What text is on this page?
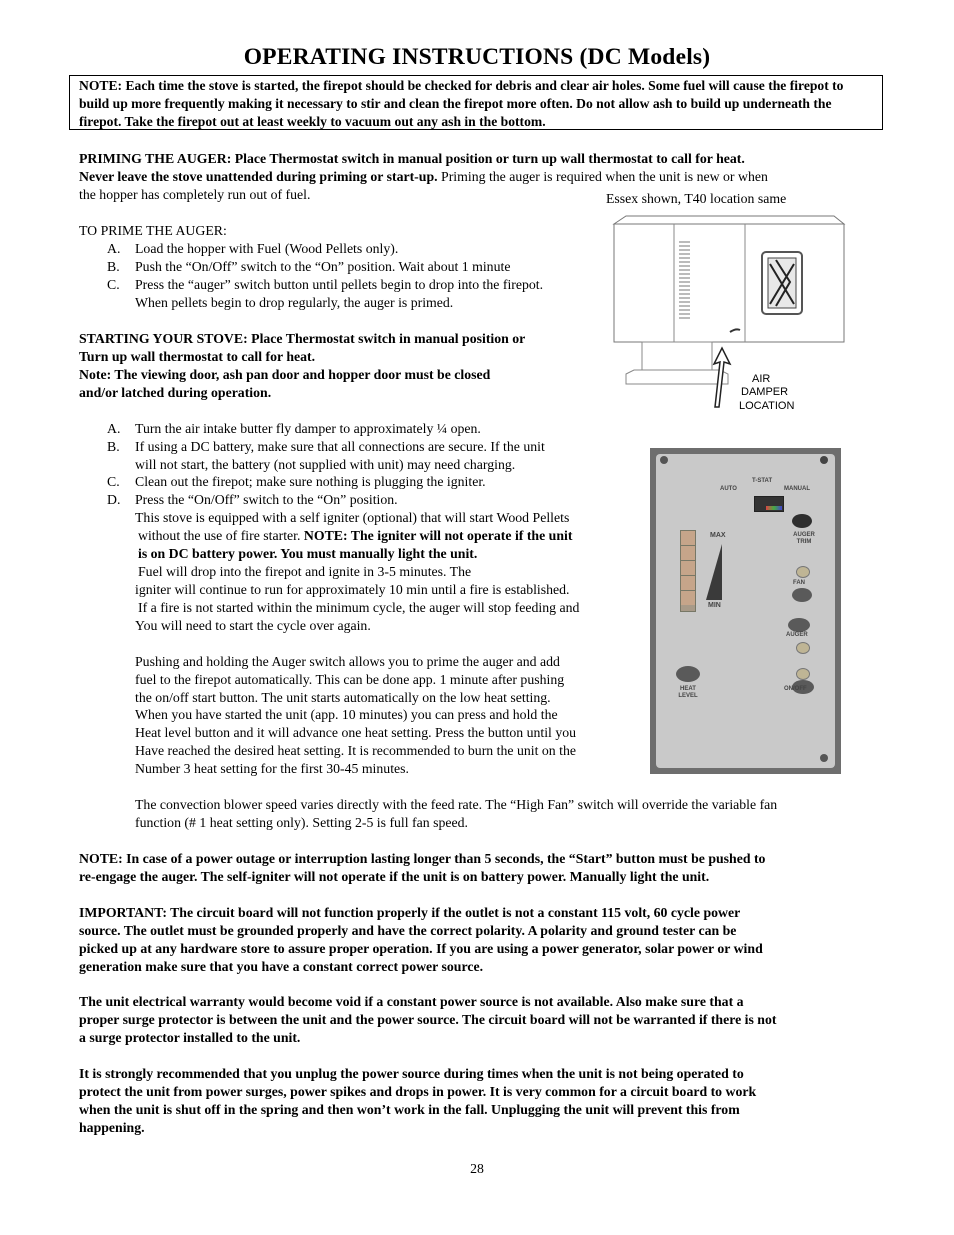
OPERATING INSTRUCTIONS (DC Models)
NOTE: Each time the stove is started, the firepot should be checked for debris and clear air holes. Some fuel will cause the firepot to build up more frequently making it necessary to stir and clean the firepot more often. Do not allow ash to build up underneath the firepot. Take the firepot out at least weekly to vacuum out any ash in the bottom.
PRIMING THE AUGER: Place Thermostat switch in manual position or turn up wall thermostat to call for heat.
Never leave the stove unattended during priming or start-up. Priming the auger is required when the unit is new or when
the hopper has completely run out of fuel.	Essex shown, T40 location same
AIR
DAMPER
LOCATION
TO PRIME THE AUGER:
A.	Load the hopper with Fuel (Wood Pellets only).
B.	Push the “On/Off” switch to the “On” position. Wait about 1 minute
C.	Press the “auger” switch button until pellets begin to drop into the firepot.
When pellets begin to drop regularly, the auger is primed.
STARTING YOUR STOVE: Place Thermostat switch in manual position or
Turn up wall thermostat to call for heat.
Note: The viewing door, ash pan door and hopper door must be closed
and/or latched during operation.
A.	Turn the air intake butter fly damper to approximately ¼ open.
B.	If using a DC battery, make sure that all connections are secure. If the unit
will not start, the battery (not supplied with unit) may need charging.
C.	Clean out the firepot; make sure nothing is plugging the igniter.
D.	Press the “On/Off” switch to the “On” position.
This stove is equipped with a self igniter (optional) that will start Wood Pellets
without the use of fire starter. NOTE: The igniter will not operate if the unit
is on DC battery power. You must manually light the unit.
Fuel will drop into the firepot and ignite in 3-5 minutes. The
igniter will continue to run for approximately 10 min until a fire is established.
If a fire is not started within the minimum cycle, the auger will stop feeding and
You will need to start the cycle over again.
Pushing and holding the Auger switch allows you to prime the auger and add
fuel to the firepot automatically. This can be done app. 1 minute after pushing
the on/off start button. The unit starts automatically on the low heat setting.
When you have started the unit (app. 10 minutes) you can press and hold the
Heat level button and it will advance one heat setting. Press the button until you
Have reached the desired heat setting. It is recommended to burn the unit on the
Number 3 heat setting for the first 30-45 minutes.
T-STAT
AUTO	MANUAL
AUGER
TRIM
MAX
MIN
FAN
AUGER
HEAT
LEVEL
ON/OFF
The convection blower speed varies directly with the feed rate. The “High Fan” switch will override the variable fan
function (# 1 heat setting only). Setting 2-5 is full fan speed.
NOTE: In case of a power outage or interruption lasting longer than 5 seconds, the “Start” button must be pushed to
re-engage the auger. The self-igniter will not operate if the unit is on battery power. Manually light the unit.
IMPORTANT: The circuit board will not function properly if the outlet is not a constant 115 volt, 60 cycle power
source. The outlet must be grounded properly and have the correct polarity. A polarity and ground tester can be
picked up at any hardware store to assure proper operation. If you are using a power generator, solar power or wind
generation make sure that you have a constant correct power source.
The unit electrical warranty would become void if a constant power source is not available. Also make sure that a
proper surge protector is between the unit and the power source. The circuit board will not be warranted if there is not
a surge protector installed to the unit.
It is strongly recommended that you unplug the power source during times when the unit is not being operated to
protect the unit from power surges, power spikes and drops in power. It is very common for a circuit board to work
when the unit is shut off in the spring and then won’t work in the fall. Unplugging the unit will prevent this from
happening.
28
